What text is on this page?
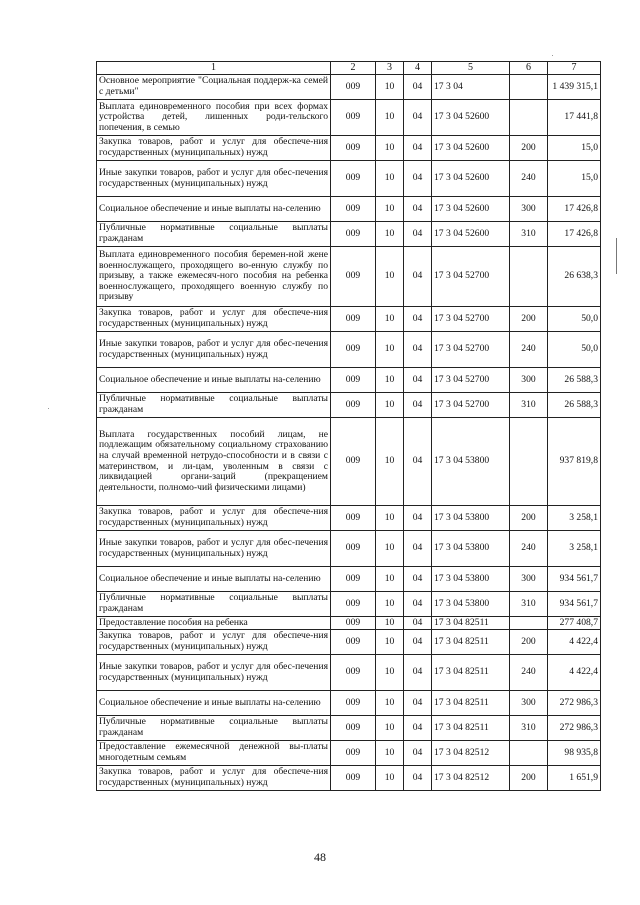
1	2	3	4	5	6	7
Основное мероприятие "Социальная поддерж-ка семей с детьми"	009	10	04	17 3 04		1 439 315,1
Выплата единовременного пособия при всех формах устройства детей, лишенных роди-тельского попечения, в семью	009	10	04	17 3 04 52600		17 441,8
Закупка товаров, работ и услуг для обеспече-ния государственных (муниципальных) нужд	009	10	04	17 3 04 52600	200	15,0
Иные закупки товаров, работ и услуг для обес-печения государственных (муниципальных) нужд	009	10	04	17 3 04 52600	240	15,0
Социальное обеспечение и иные выплаты на-селению	009	10	04	17 3 04 52600	300	17 426,8
Публичные нормативные социальные выплаты гражданам	009	10	04	17 3 04 52600	310	17 426,8
Выплата единовременного пособия беремен-ной жене военнослужащего, проходящего во-енную службу по призыву, а также ежемесяч-ного пособия на ребенка военнослужащего, проходящего военную службу по призыву	009	10	04	17 3 04 52700		26 638,3
Закупка товаров, работ и услуг для обеспече-ния государственных (муниципальных) нужд	009	10	04	17 3 04 52700	200	50,0
Иные закупки товаров, работ и услуг для обес-печения государственных (муниципальных) нужд	009	10	04	17 3 04 52700	240	50,0
Социальное обеспечение и иные выплаты на-селению	009	10	04	17 3 04 52700	300	26 588,3
Публичные нормативные социальные выплаты гражданам	009	10	04	17 3 04 52700	310	26 588,3
Выплата государственных пособий лицам, не подлежащим обязательному социальному страхованию на случай временной нетрудо-способности и в связи с материнством, и ли-цам, уволенным в связи с ликвидацией органи-заций (прекращением деятельности, полномо-чий физическими лицами)	009	10	04	17 3 04 53800		937 819,8
Закупка товаров, работ и услуг для обеспече-ния государственных (муниципальных) нужд	009	10	04	17 3 04 53800	200	3 258,1
Иные закупки товаров, работ и услуг для обес-печения государственных (муниципальных) нужд	009	10	04	17 3 04 53800	240	3 258,1
Социальное обеспечение и иные выплаты на-селению	009	10	04	17 3 04 53800	300	934 561,7
Публичные нормативные социальные выплаты гражданам	009	10	04	17 3 04 53800	310	934 561,7
Предоставление пособия на ребенка	009	10	04	17 3 04 82511		277 408,7
Закупка товаров, работ и услуг для обеспече-ния государственных (муниципальных) нужд	009	10	04	17 3 04 82511	200	4 422,4
Иные закупки товаров, работ и услуг для обес-печения государственных (муниципальных) нужд	009	10	04	17 3 04 82511	240	4 422,4
Социальное обеспечение и иные выплаты на-селению	009	10	04	17 3 04 82511	300	272 986,3
Публичные нормативные социальные выплаты гражданам	009	10	04	17 3 04 82511	310	272 986,3
Предоставление ежемесячной денежной вы-платы многодетным семьям	009	10	04	17 3 04 82512		98 935,8
Закупка товаров, работ и услуг для обеспече-ния государственных (муниципальных) нужд	009	10	04	17 3 04 82512	200	1 651,9
48
